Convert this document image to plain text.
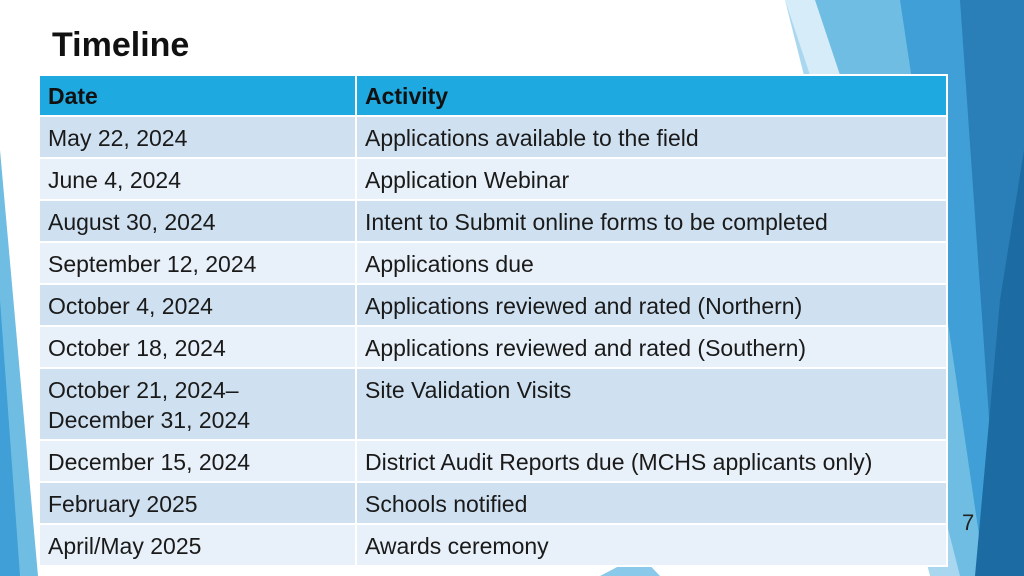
Timeline
Date	Activity
May 22, 2024	Applications available to the field
June 4, 2024	Application Webinar
August 30, 2024	Intent to Submit online forms to be completed
September 12, 2024	Applications due
October 4, 2024	Applications reviewed and rated (Northern)
October 18, 2024	Applications reviewed and rated (Southern)

October 21, 2024–
December 31, 2024	Site Validation Visits
December 15, 2024	District Audit Reports due (MCHS applicants only)
February 2025	Schools notified
April/May 2025	Awards ceremony
7
